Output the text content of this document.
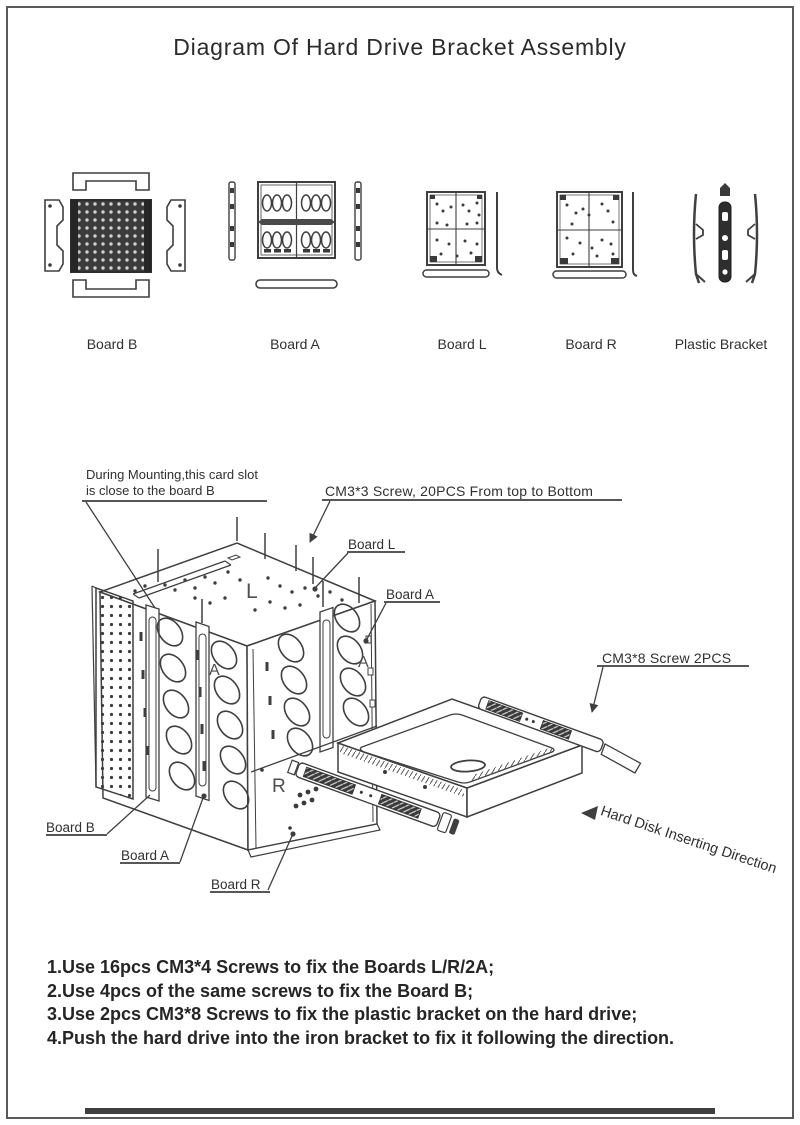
Diagram Of Hard Drive Bracket Assembly
Board B	Board A	Board L	Board R	Plastic Bracket
During Mounting,this card slot
is close to the board B	CM3*3 Screw, 20PCS From top to Bottom
Board L
Board A
CM3*8 Screw 2PCS
Board B
Board A
Board R
Hard Disk Inserting Direction
L
A	A
R
1.Use 16pcs CM3*4 Screws to fix the Boards L/R/2A;
2.Use 4pcs of the same screws to fix the Board B;
3.Use 2pcs CM3*8 Screws to fix the plastic bracket on the hard drive;
4.Push the hard drive into the iron bracket to fix it following the direction.
